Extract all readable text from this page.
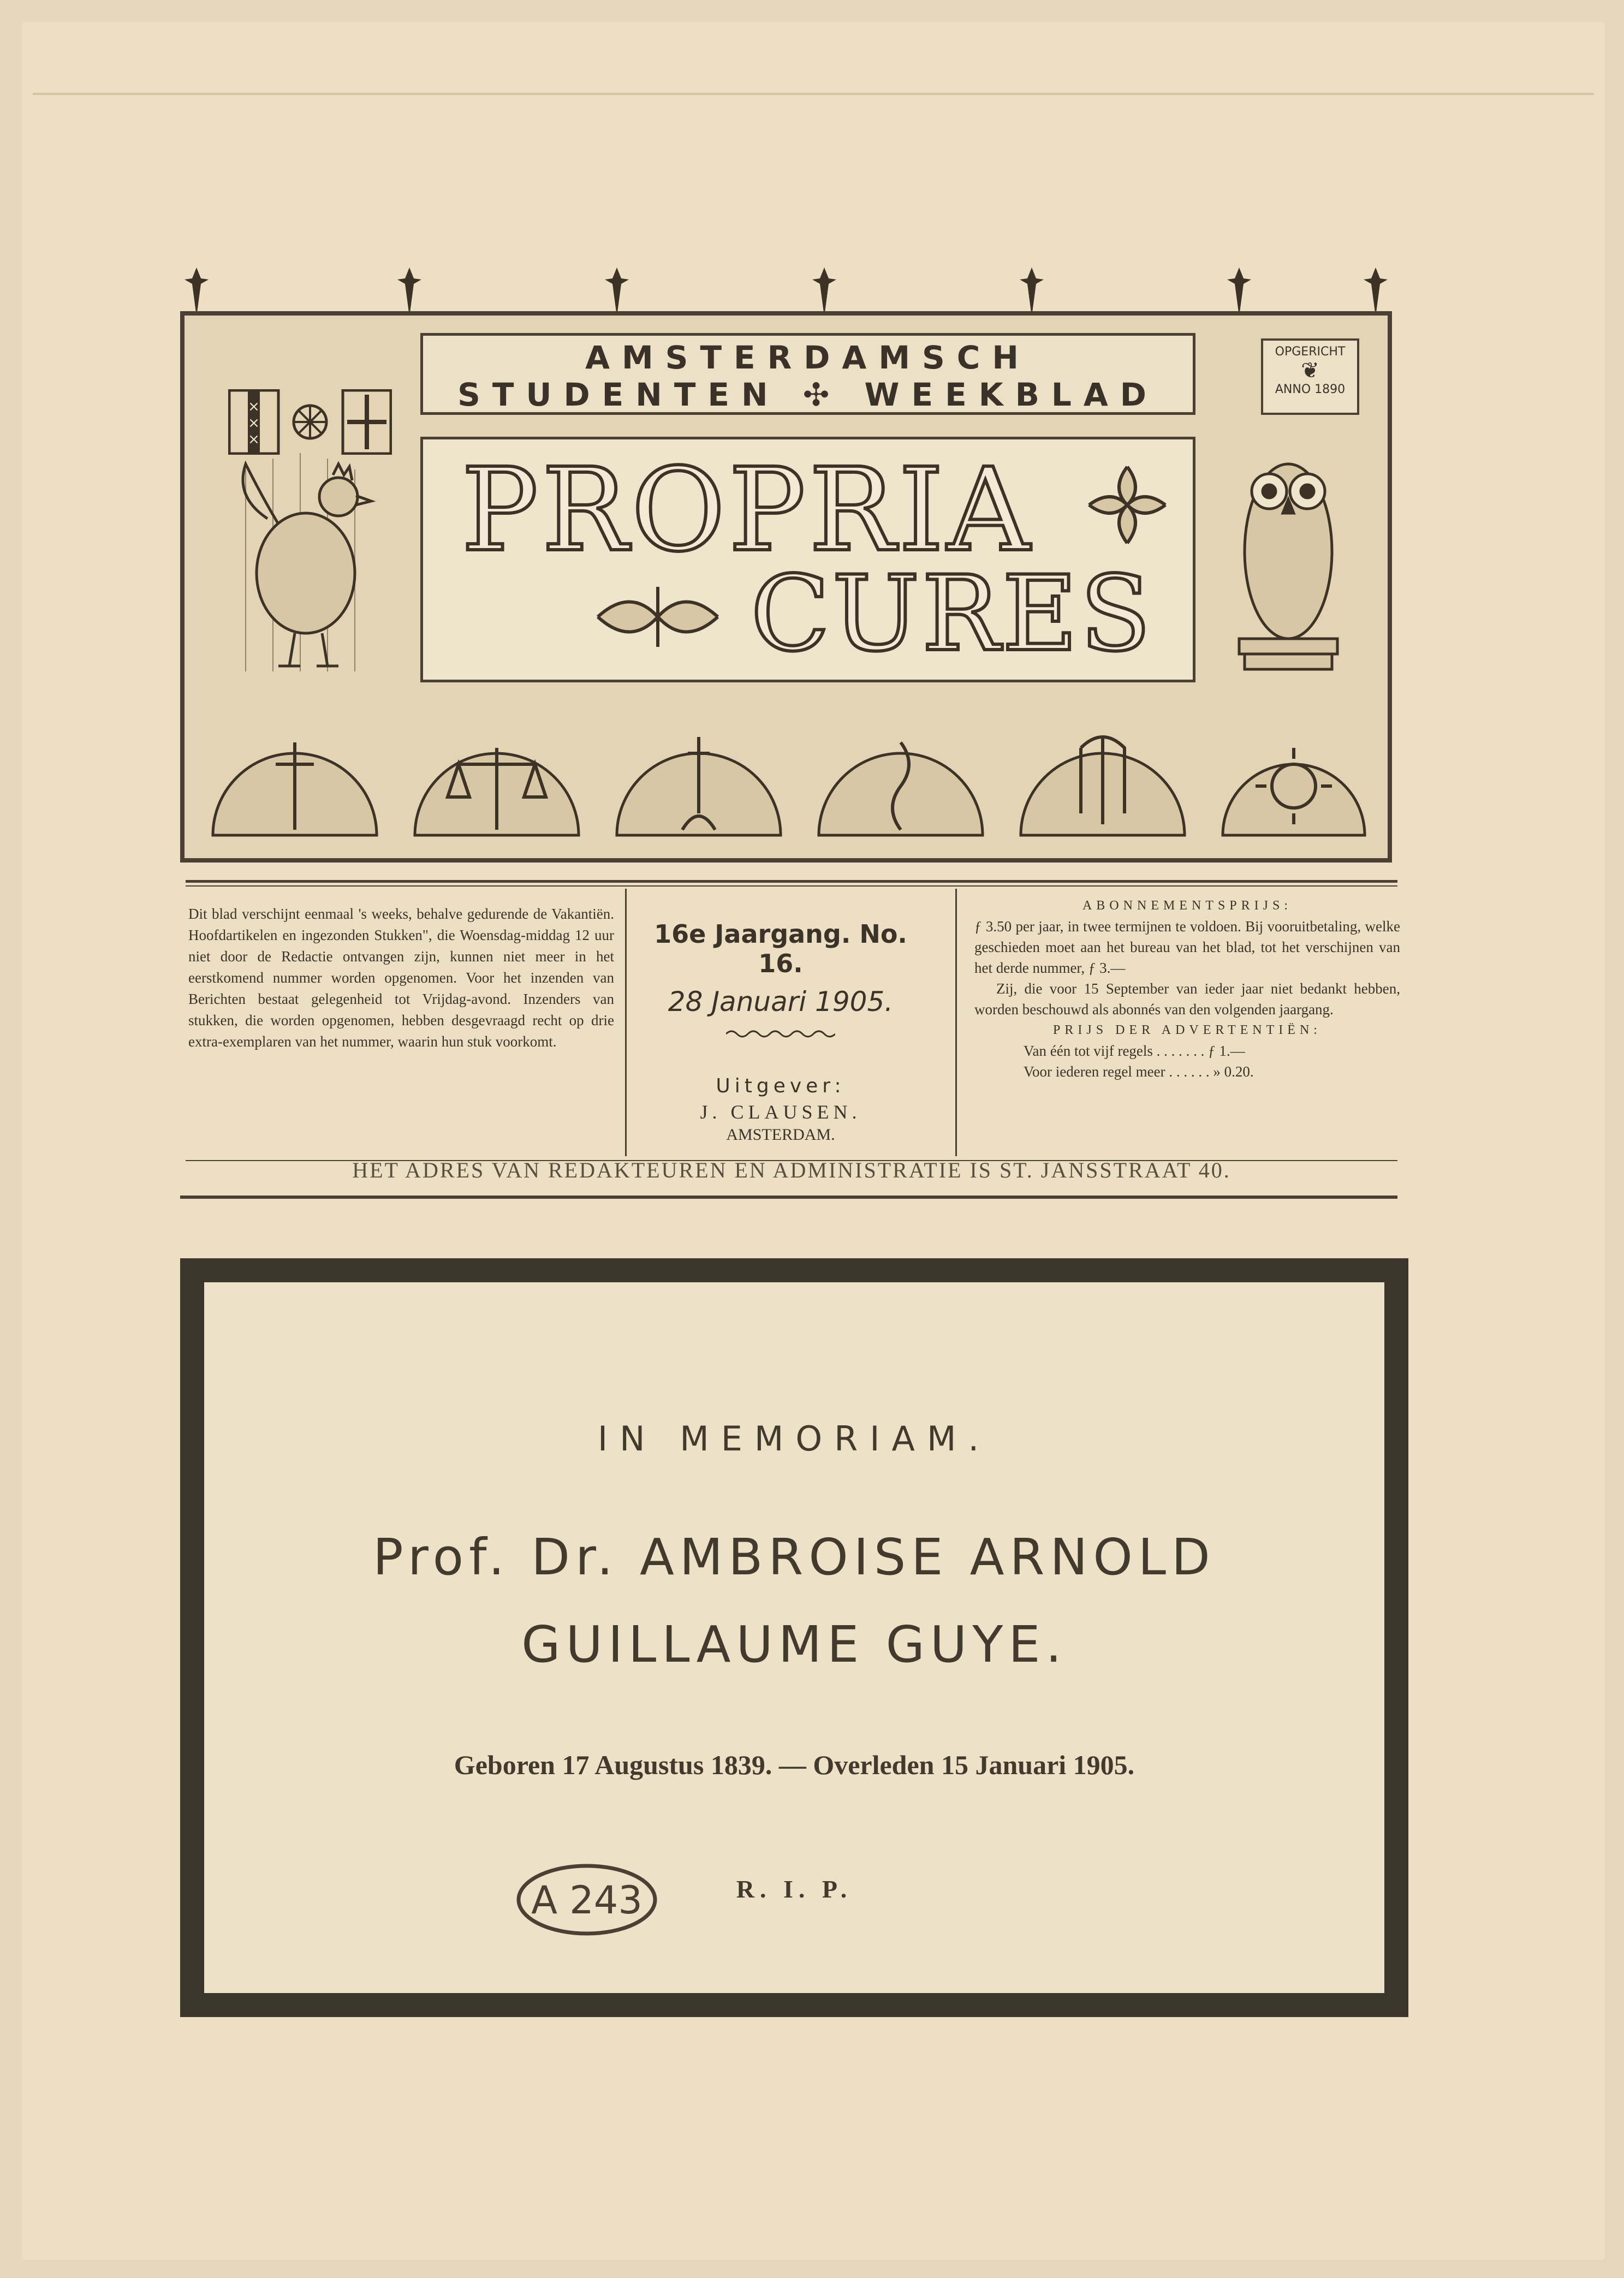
×
×
×
AMSTERDAMSCH
STUDENTEN ✣ WEEKBLAD
OPGERICHT
❦
ANNO 1890
PROPRIA
CURES
Dit blad verschijnt eenmaal 's weeks, behalve gedurende de Vakantiën. Hoofdartikelen en ingezonden Stukken", die Woensdag-middag 12 uur niet door de Redactie ontvangen zijn, kunnen niet meer in het eerstkomend nummer worden opgenomen. Voor het inzenden van Berichten bestaat gelegenheid tot Vrijdag-avond. Inzenders van stukken, die worden opgenomen, hebben desgevraagd recht op drie extra-exemplaren van het nummer, waarin hun stuk voorkomt.
16e Jaargang. No. 16.
28 Januari 1905.
Uitgever:
J. CLAUSEN.
AMSTERDAM.
ABONNEMENTSPRIJS:

ƒ 3.50 per jaar, in twee termijnen te voldoen. Bij vooruitbetaling, welke geschieden moet aan het bureau van het blad, tot het verschijnen van het derde nummer, ƒ 3.—

Zij, die voor 15 September van ieder jaar niet bedankt hebben, worden beschouwd als abonnés van den volgenden jaargang.

PRIJS DER ADVERTENTIËN:
Van één tot vijf regels . . . . . . . ƒ 1.—
Voor iederen regel meer . . . . . . » 0.20.
HET ADRES VAN REDAKTEUREN EN ADMINISTRATIE IS ST. JANSSTRAAT 40.
IN MEMORIAM.
Prof. Dr. AMBROISE ARNOLD
GUILLAUME GUYE.
Geboren 17 Augustus 1839. — Overleden 15 Januari 1905.
R. I. P.
A 243
